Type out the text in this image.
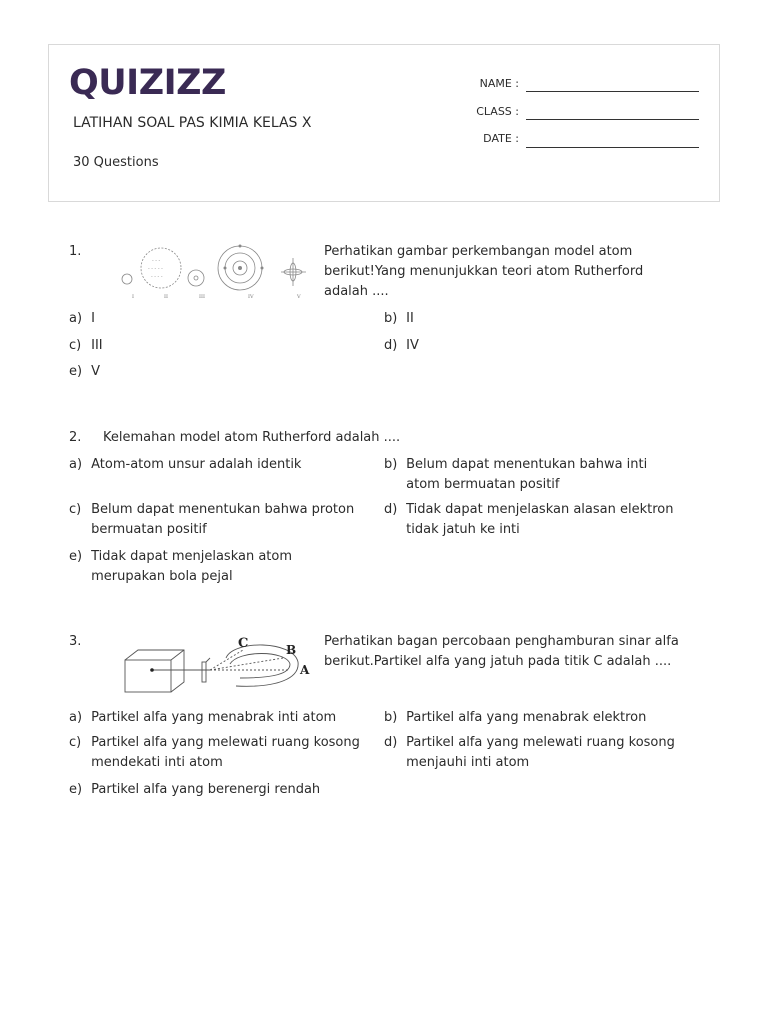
QUIZIZZ
LATIHAN SOAL PAS KIMIA KELAS X
30 Questions
NAME :
CLASS :
DATE :
1.
- - -
- - - - -
- - - -
I	II	III	IV	V
Perhatikan gambar perkembangan model atom berikut!Yang menunjukkan teori atom Rutherford adalah ....
a) I	b) II
c) III	d) IV
e) V
2. Kelemahan model atom Rutherford adalah ....
a) Atom-atom unsur adalah identik	b) Belum dapat menentukan bahwa inti atom bermuatan positif
c) Belum dapat menentukan bahwa proton bermuatan positif
d) Tidak dapat menjelaskan alasan elektron tidak jatuh ke inti
e) Tidak dapat menjelaskan atom merupakan bola pejal
3.	C	B
A
Perhatikan bagan percobaan penghamburan sinar alfa berikut.Partikel alfa yang jatuh pada titik C adalah ....
a) Partikel alfa yang menabrak inti atom	b) Partikel alfa yang menabrak elektron
c) Partikel alfa yang melewati ruang kosong mendekati inti atom
d) Partikel alfa yang melewati ruang kosong menjauhi inti atom
e) Partikel alfa yang berenergi rendah
